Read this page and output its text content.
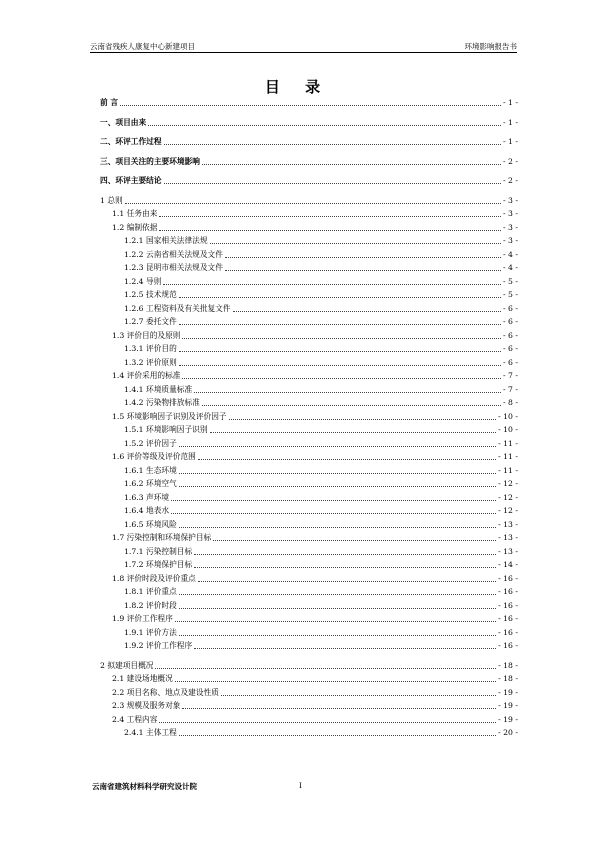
云南省残疾人康复中心新建项目	环境影响报告书
目 录
前 言	- 1 -
一、项目由来	- 1 -
二、环评工作过程	- 1 -
三、项目关注的主要环境影响	- 2 -
四、环评主要结论	- 2 -
1 总则	- 3 -
1.1 任务由来	- 3 -
1.2 编制依据	- 3 -
1.2.1 国家相关法律法规	- 3 -
1.2.2 云南省相关法规及文件	- 4 -
1.2.3 昆明市相关法规及文件	- 4 -
1.2.4 导则	- 5 -
1.2.5 技术规范	- 5 -
1.2.6 工程资料及有关批复文件	- 6 -
1.2.7 委托文件	- 6 -
1.3 评价目的及原则	- 6 -
1.3.1 评价目的	- 6 -
1.3.2 评价原则	- 6 -
1.4 评价采用的标准	- 7 -
1.4.1 环境质量标准	- 7 -
1.4.2 污染物排放标准	- 8 -
1.5 环境影响因子识别及评价因子	- 10 -
1.5.1 环境影响因子识别	- 10 -
1.5.2 评价因子	- 11 -
1.6 评价等级及评价范围	- 11 -
1.6.1 生态环境	- 11 -
1.6.2 环境空气	- 12 -
1.6.3 声环境	- 12 -
1.6.4 地表水	- 12 -
1.6.5 环境风险	- 13 -
1.7 污染控制和环境保护目标	- 13 -
1.7.1 污染控制目标	- 13 -
1.7.2 环境保护目标	- 14 -
1.8 评价时段及评价重点	- 16 -
1.8.1 评价重点	- 16 -
1.8.2 评价时段	- 16 -
1.9 评价工作程序	- 16 -
1.9.1 评价方法	- 16 -
1.9.2 评价工作程序	- 16 -
2 拟建项目概况	- 18 -
2.1 建设场地概况	- 18 -
2.2 项目名称、地点及建设性质	- 19 -
2.3 规模及服务对象	- 19 -
2.4 工程内容	- 19 -
2.4.1 主体工程	- 20 -
云南省建筑材料科学研究设计院	I
